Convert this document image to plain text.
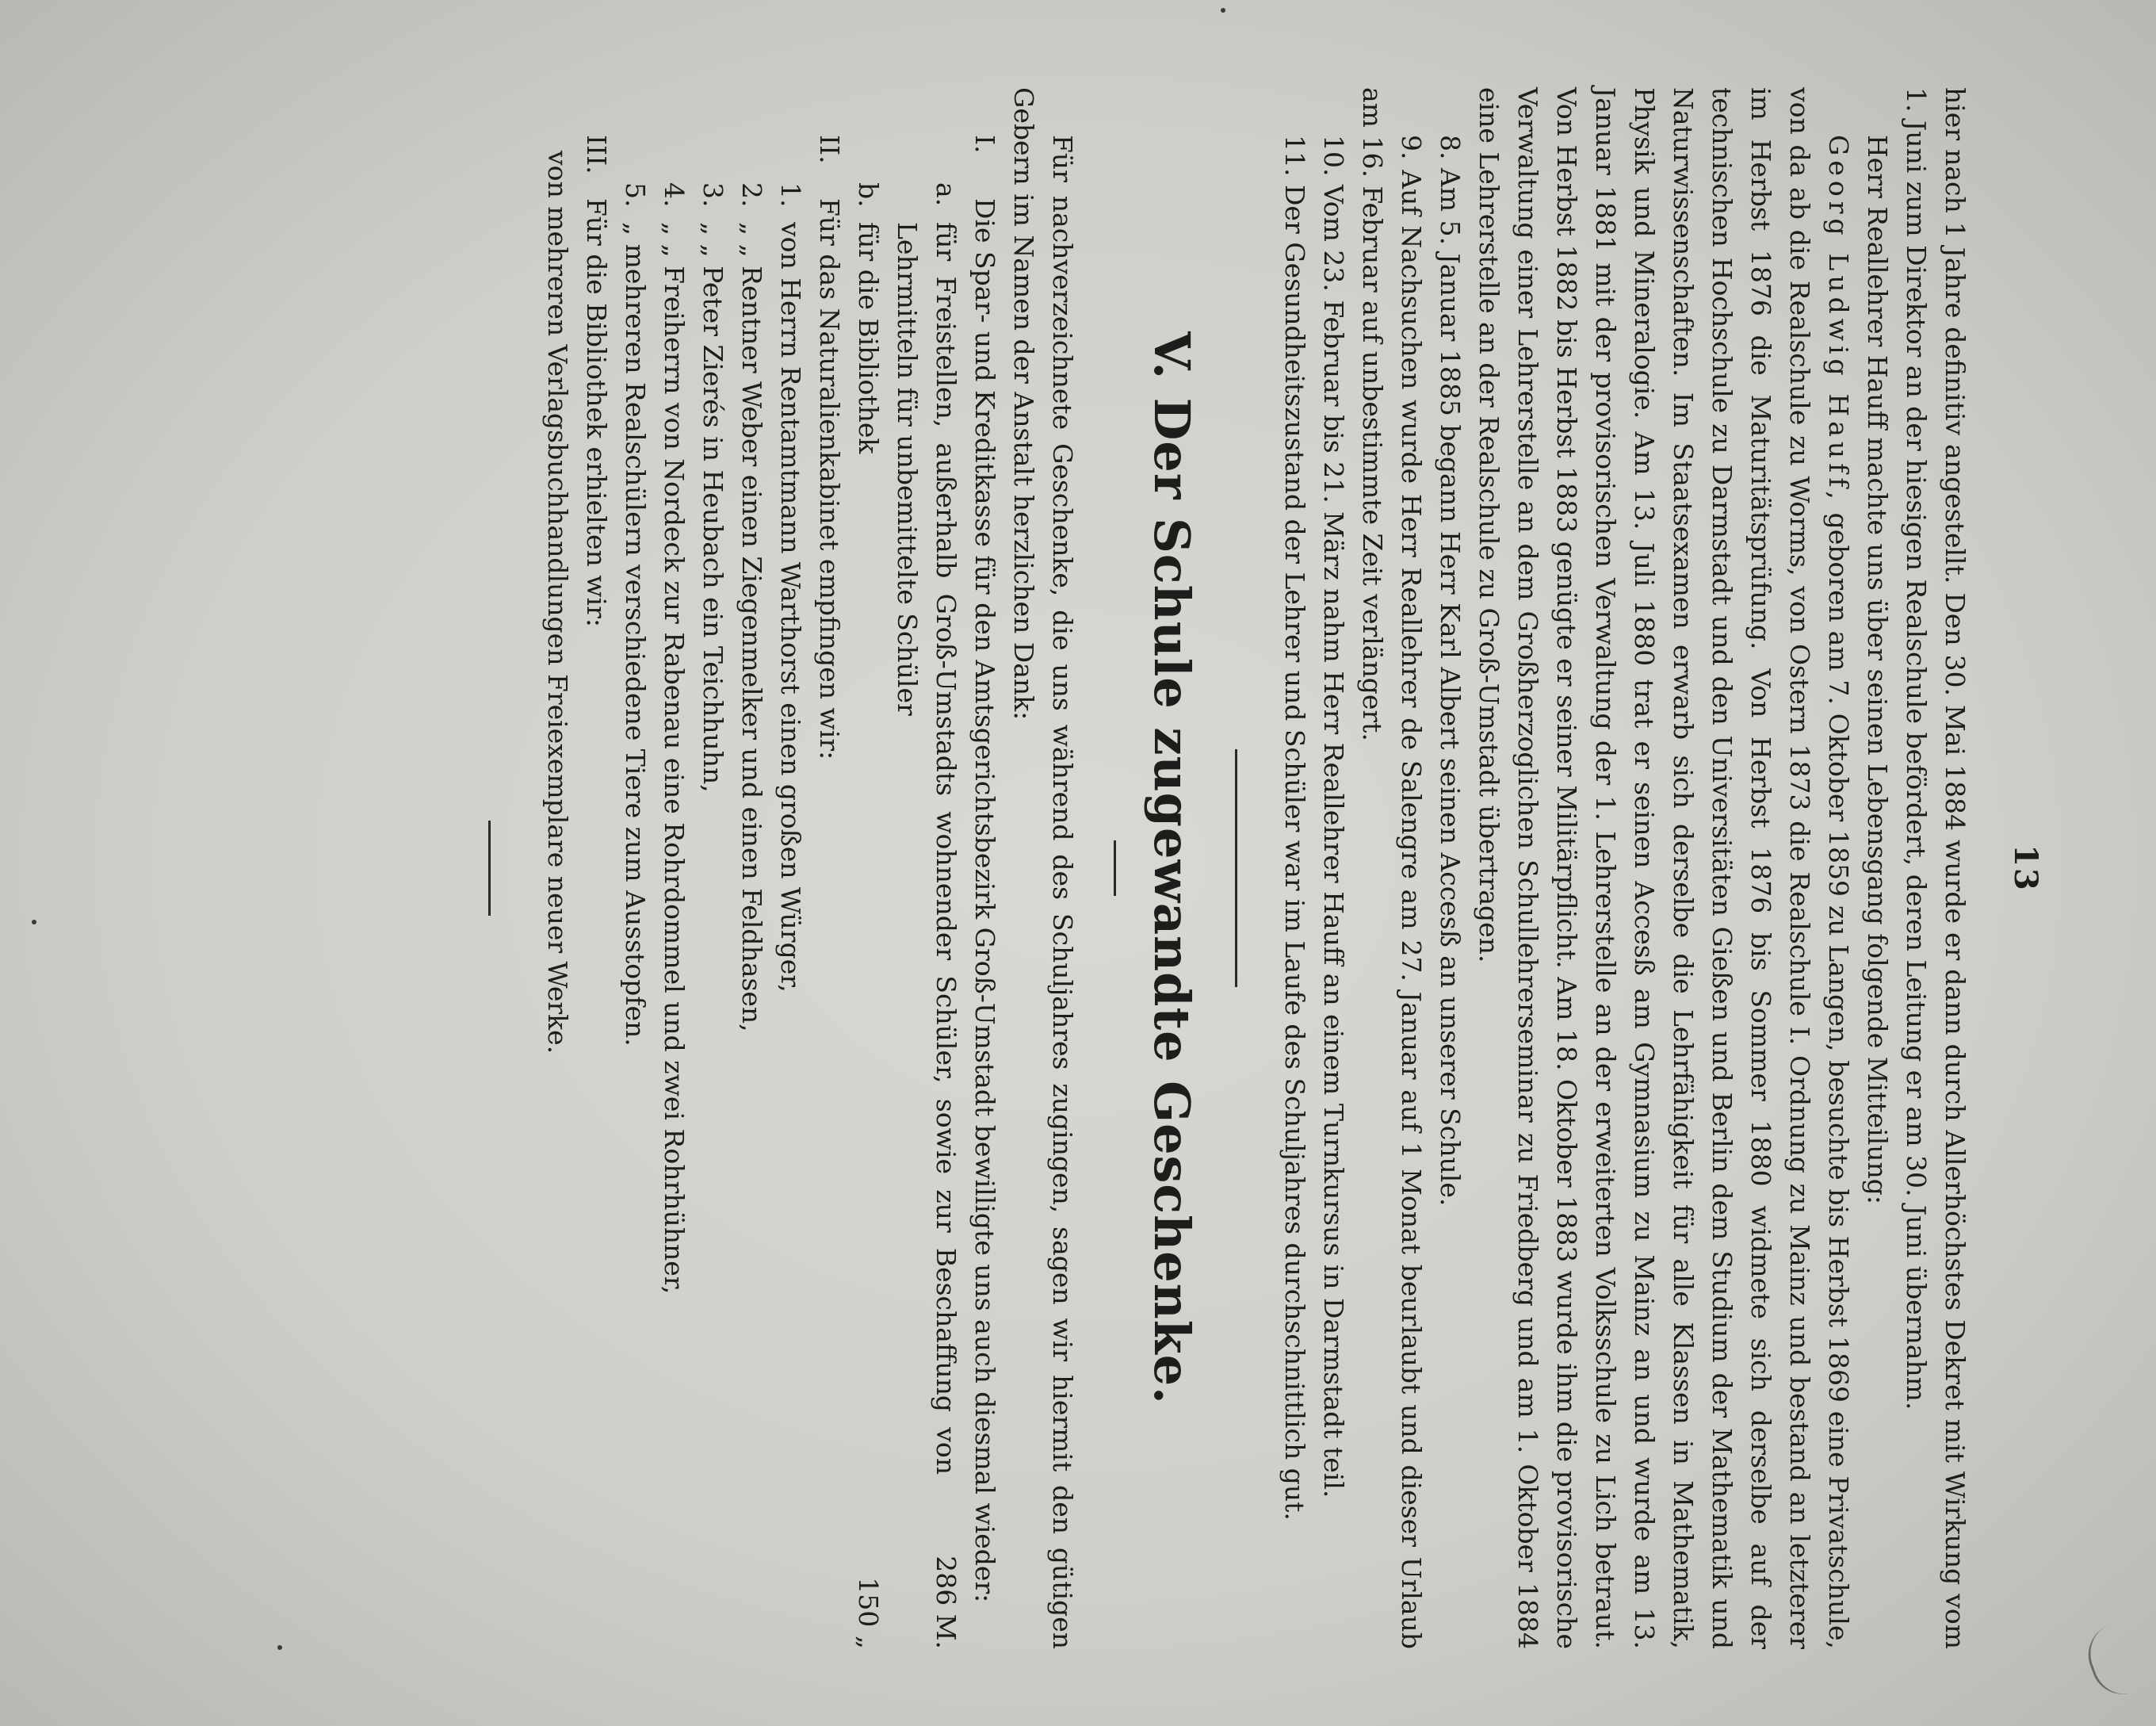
13

hier nach 1 Jahre definitiv angestellt. Den 30. Mai 1884 wurde er dann durch Allerhöchstes Dekret mit Wirkung vom 1. Juni zum Direktor an der hiesigen Realschule befördert, deren Leitung er am 30. Juni übernahm.

Herr Reallehrer Hauff machte uns über seinen Lebensgang folgende Mitteilung:

Georg Ludwig Hauff, geboren am 7. Oktober 1859 zu Langen, besuchte bis Herbst 1869 eine Privatschule, von da ab die Realschule zu Worms, von Ostern 1873 die Realschule I. Ordnung zu Mainz und bestand an letzterer im Herbst 1876 die Maturitätsprüfung. Von Herbst 1876 bis Sommer 1880 widmete sich derselbe auf der technischen Hochschule zu Darmstadt und den Universitäten Gießen und Berlin dem Studium der Mathematik und Naturwissenschaften. Im Staatsexamen erwarb sich derselbe die Lehrfähigkeit für alle Klassen in Mathematik, Physik und Mineralogie. Am 13. Juli 1880 trat er seinen Accesß am Gymnasium zu Mainz an und wurde am 13. Januar 1881 mit der provisorischen Verwaltung der 1. Lehrerstelle an der erweiterten Volksschule zu Lich betraut. Von Herbst 1882 bis Herbst 1883 genügte er seiner Militärpflicht. Am 18. Oktober 1883 wurde ihm die provisorische Verwaltung einer Lehrerstelle an dem Großherzoglichen Schullehrerseminar zu Friedberg und am 1. Oktober 1884 eine Lehrerstelle an der Realschule zu Groß-Umstadt übertragen.

8. Am 5. Januar 1885 begann Herr Karl Albert seinen Accesß an unserer Schule.

9. Auf Nachsuchen wurde Herr Reallehrer de Salengre am 27. Januar auf 1 Monat beurlaubt und dieser Urlaub am 16. Februar auf unbestimmte Zeit verlängert.

10. Vom 23. Februar bis 21. März nahm Herr Reallehrer Hauff an einem Turnkursus in Darmstadt teil.

11. Der Gesundheitszustand der Lehrer und Schüler war im Laufe des Schuljahres durchschnittlich gut.

V. Der Schule zugewandte Geschenke.

Für nachverzeichnete Geschenke, die uns während des Schuljahres zugingen, sagen wir hiermit den gütigen Gebern im Namen der Anstalt herzlichen Dank:

I.
Die Spar- und Kreditkasse für den Amtsgerichtsbezirk Groß-Umstadt bewilligte uns auch diesmal wieder:
a.
für Freistellen, außerhalb Groß-Umstadts wohnender Schüler, sowie zur Beschaffung von Lehrmitteln für unbemittelte Schüler
286 M.
b.
für die Bibliothek
150 „
II.
Für das Naturalienkabinet empfingen wir:
1.
von Herrn Rentamtmann Warthorst einen großen Würger,
2.
„ „ Rentner Weber einen Ziegenmelker und einen Feldhasen,
3.
„ „ Peter Zierés in Heubach ein Teichhuhn,
4.
„ „ Freiherrn von Nordeck zur Rabenau eine Rohrdommel und zwei Rohrhühner,
5.
„ mehreren Realschülern verschiedene Tiere zum Ausstopfen.
III.
Für die Bibliothek erhielten wir:

von mehreren Verlagsbuchhandlungen Freiexemplare neuer Werke.
